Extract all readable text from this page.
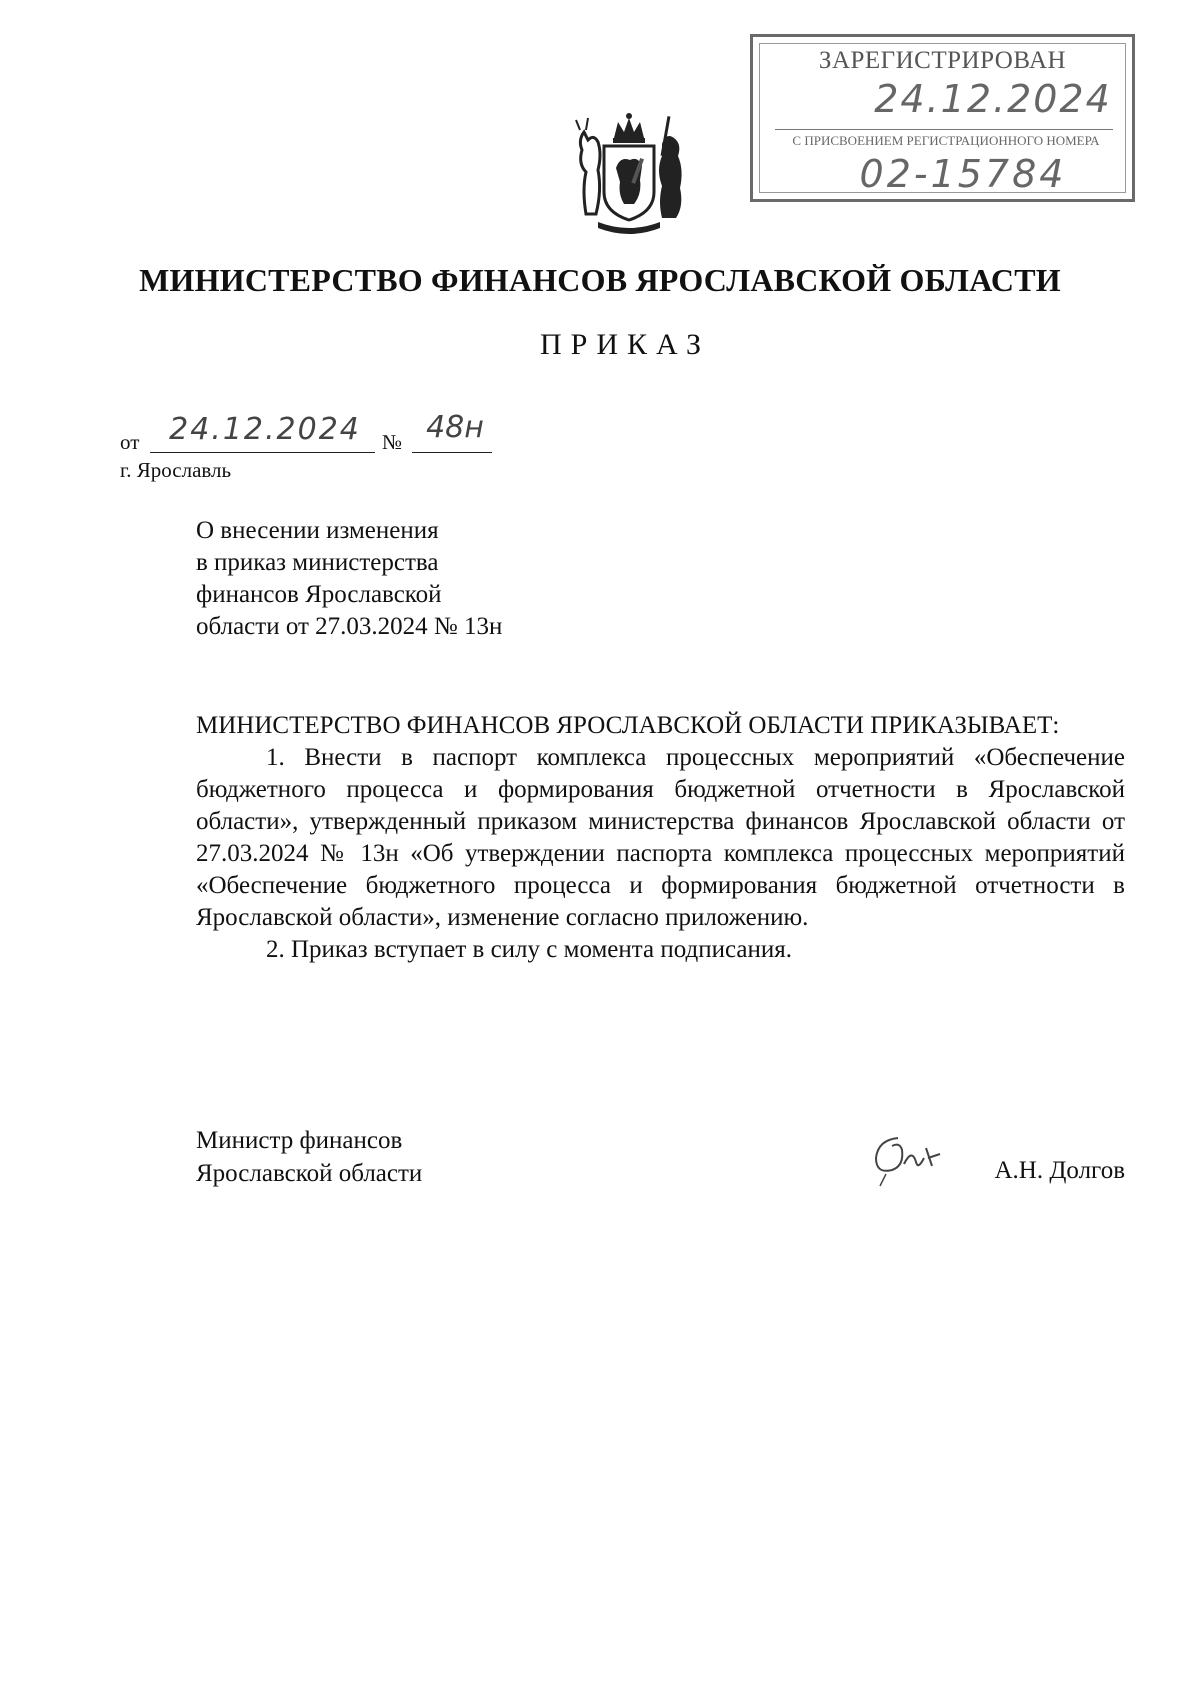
ЗАРЕГИСТРИРОВАН
24.12.2024
С ПРИСВОЕНИЕМ РЕГИСТРАЦИОННОГО НОМЕРА
02-15784
МИНИСТЕРСТВО ФИНАНСОВ ЯРОСЛАВСКОЙ ОБЛАСТИ
ПРИКАЗ
от 24.12.2024	№ 48н
г. Ярославль
О внесении изменения
в приказ министерства
финансов Ярославской
области от 27.03.2024 № 13н

МИНИСТЕРСТВО ФИНАНСОВ ЯРОСЛАВСКОЙ ОБЛАСТИ ПРИКАЗЫВАЕТ:

1. Внести в паспорт комплекса процессных мероприятий «Обеспечение бюджетного процесса и формирования бюджетной отчетности в Ярославской области», утвержденный приказом министерства финансов Ярославской области от 27.03.2024 № 13н «Об утверждении паспорта комплекса процессных мероприятий «Обеспечение бюджетного процесса и формирования бюджетной отчетности в Ярославской области», изменение согласно приложению.

2. Приказ вступает в силу с момента подписания.

Министр финансов
Ярославской области	А.Н. Долгов
